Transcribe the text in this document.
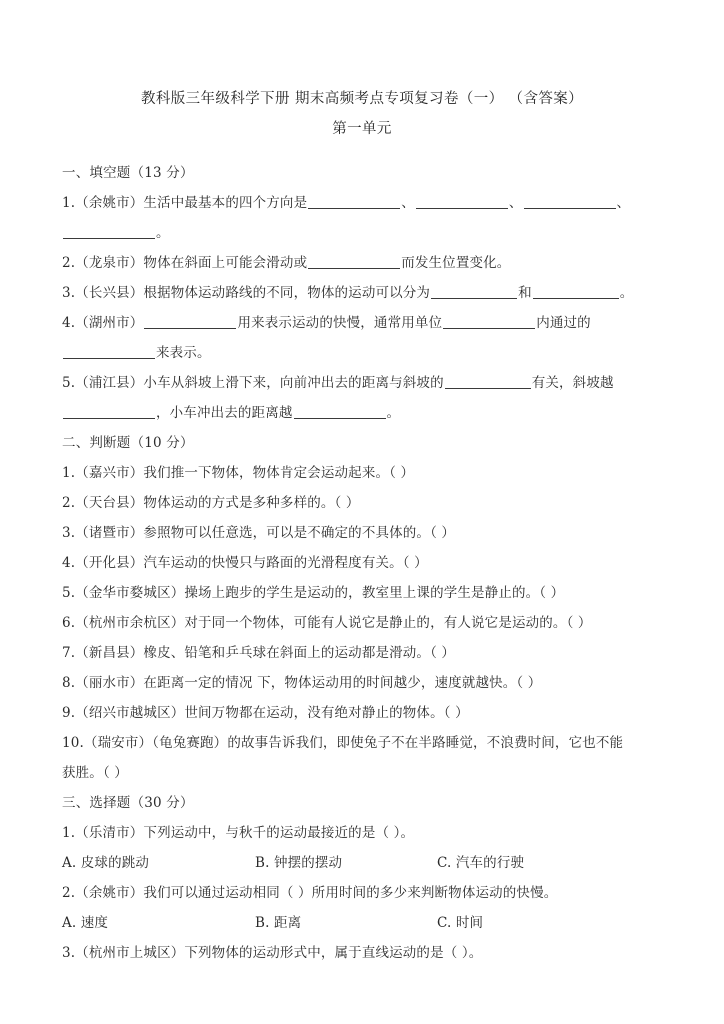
教科版三年级科学下册 期末高频考点专项复习卷（一） （含答案）
第一单元
一、填空题（13 分）
1.（余姚市）生活中最基本的四个方向是	、	、	、
。
2.（龙泉市）物体在斜面上可能会滑动或	而发生位置变化。
3.（长兴县）根据物体运动路线的不同，物体的运动可以分为	和	。
4.（湖州市）	用来表示运动的快慢，通常用单位	内通过的
来表示。
5.（浦江县）小车从斜坡上滑下来，向前冲出去的距离与斜坡的	有关，斜坡越
，小车冲出去的距离越	。
二、判断题（10 分）
1.（嘉兴市）我们推一下物体，物体肯定会运动起来。（ ）
2.（天台县）物体运动的方式是多种多样的。（ ）
3.（诸暨市）参照物可以任意选，可以是不确定的不具体的。（ ）
4.（开化县）汽车运动的快慢只与路面的光滑程度有关。（ ）
5.（金华市婺城区）操场上跑步的学生是运动的，教室里上课的学生是静止的。（ ）
6.（杭州市余杭区）对于同一个物体，可能有人说它是静止的，有人说它是运动的。（ ）
7.（新昌县）橡皮、铅笔和乒乓球在斜面上的运动都是滑动。（ ）
8.（丽水市）在距离一定的情况 下，物体运动用的时间越少，速度就越快。（ ）
9.（绍兴市越城区）世间万物都在运动，没有绝对静止的物体。（ ）
10.（瑞安市）（龟兔赛跑）的故事告诉我们，即使兔子不在半路睡觉，不浪费时间，它也不能
获胜。（ ）
三、选择题（30 分）
1.（乐清市）下列运动中，与秋千的运动最接近的是（ ）。
A. 皮球的跳动	B. 钟摆的摆动	C. 汽车的行驶
2.（余姚市）我们可以通过运动相同（ ）所用时间的多少来判断物体运动的快慢。
A. 速度	B. 距离	C. 时间
3.（杭州市上城区）下列物体的运动形式中，属于直线运动的是（ ）。
